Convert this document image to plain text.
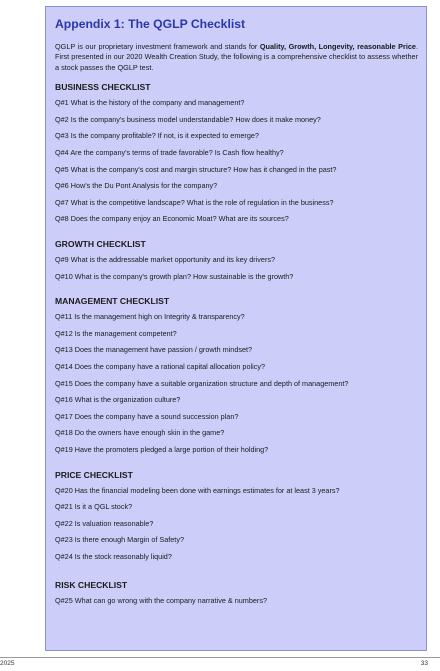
Appendix 1: The QGLP Checklist

QGLP is our proprietary investment framework and stands for Quality, Growth, Longevity, reasonable Price. First presented in our 2020 Wealth Creation Study, the following is a comprehensive checklist to assess whether a stock passes the QGLP test.

BUSINESS CHECKLIST
Q#1 What is the history of the company and management?
Q#2 Is the company's business model understandable? How does it make money?
Q#3 Is the company profitable? If not, is it expected to emerge?
Q#4 Are the company's terms of trade favorable? Is Cash flow healthy?
Q#5 What is the company's cost and margin structure? How has it changed in the past?
Q#6 How's the Du Pont Analysis for the company?
Q#7 What is the competitive landscape? What is the role of regulation in the business?
Q#8 Does the company enjoy an Economic Moat? What are its sources?
GROWTH CHECKLIST
Q#9 What is the addressable market opportunity and its key drivers?
Q#10 What is the company's growth plan? How sustainable is the growth?
MANAGEMENT CHECKLIST
Q#11 Is the management high on Integrity & transparency?
Q#12 Is the management competent?
Q#13 Does the management have passion / growth mindset?
Q#14 Does the company have a rational capital allocation policy?
Q#15 Does the company have a suitable organization structure and depth of management?
Q#16 What is the organization culture?
Q#17 Does the company have a sound succession plan?
Q#18 Do the owners have enough skin in the game?
Q#19 Have the promoters pledged a large portion of their holding?
PRICE CHECKLIST
Q#20 Has the financial modeling been done with earnings estimates for at least 3 years?
Q#21 Is it a QGL stock?
Q#22 Is valuation reasonable?
Q#23 Is there enough Margin of Safety?
Q#24 Is the stock reasonably liquid?
RISK CHECKLIST
Q#25 What can go wrong with the company narrative & numbers?
2025	33
